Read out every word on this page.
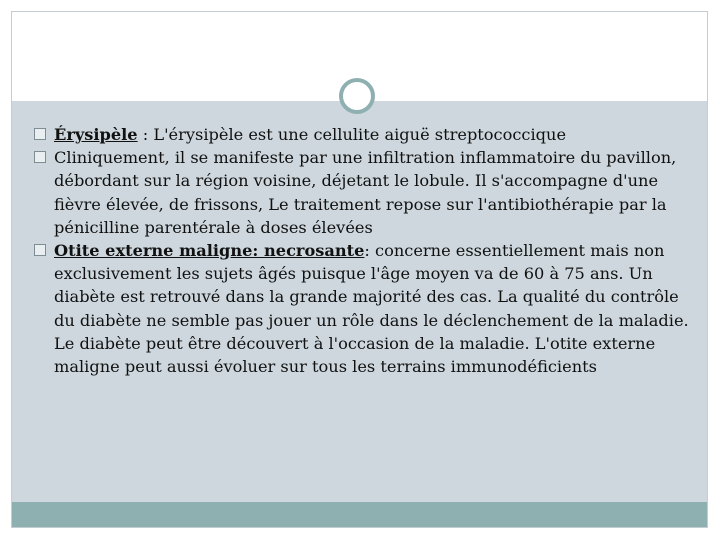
Érysipèle : L'érysipèle est une cellulite aiguë streptococcique
Cliniquement, il se manifeste par une infiltration inflammatoire du pavillon, débordant sur la région voisine, déjetant le lobule. Il s'accompagne d'une fièvre élevée, de frissons, Le traitement repose sur l'antibiothérapie par la pénicilline parentérale à doses élevées
Otite externe maligne: necrosante: concerne essentiellement mais non exclusivement les sujets âgés puisque l'âge moyen va de 60 à 75 ans. Un diabète est retrouvé dans la grande majorité des cas. La qualité du contrôle du diabète ne semble pas jouer un rôle dans le déclenchement de la maladie. Le diabète peut être découvert à l'occasion de la maladie. L'otite externe maligne peut aussi évoluer sur tous les terrains immunodéficients
